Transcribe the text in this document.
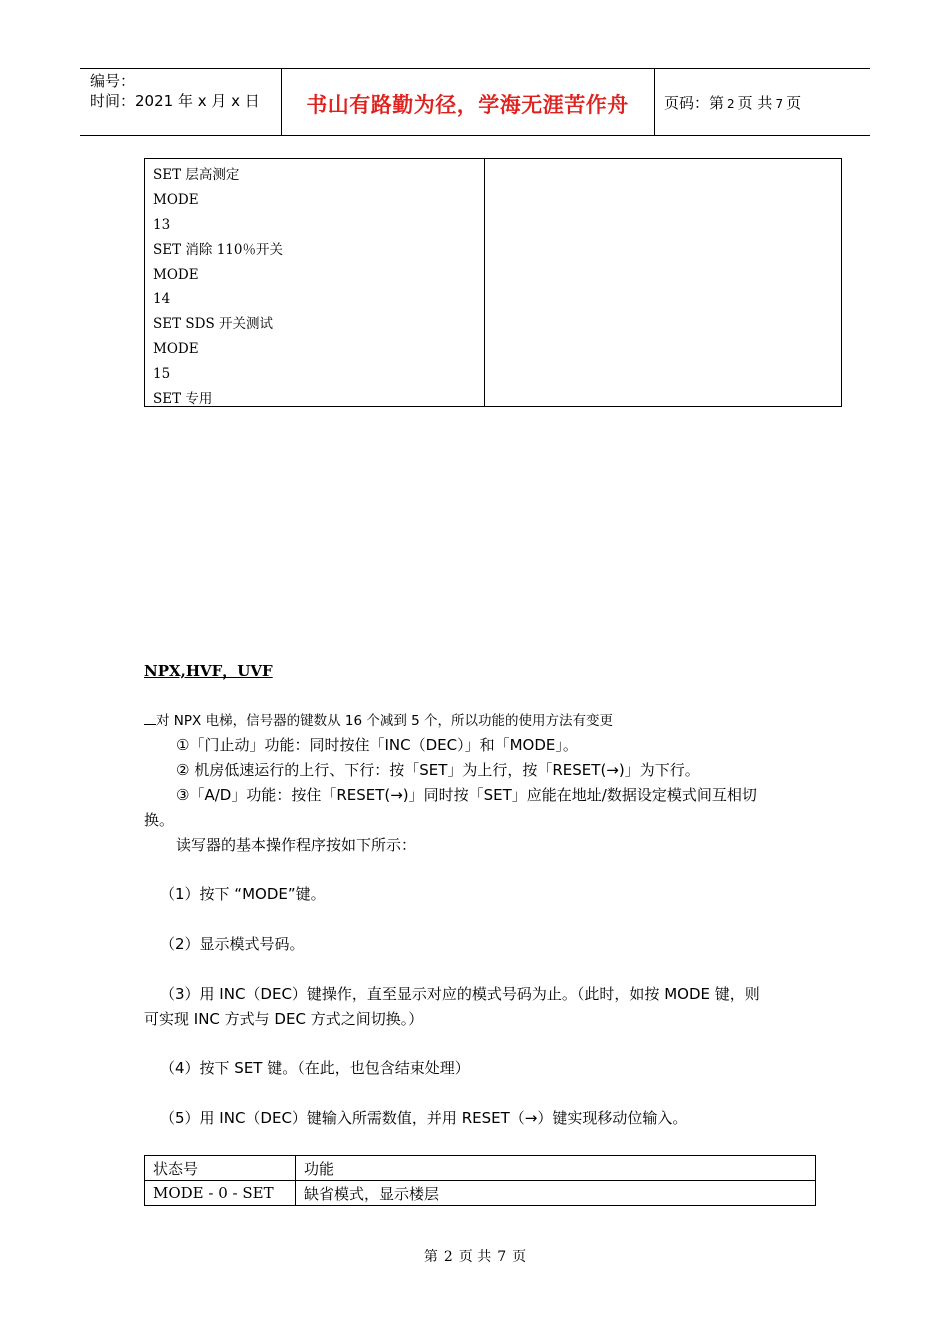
编号：
时间：2021 年 x 月 x 日	书山有路勤为径，学海无涯苦作舟	页码：第 2 页 共 7 页
SET 层高测定
MODE
13
SET 消除 110％开关
MODE
14
SET SDS 开关测试
MODE
15
SET 专用
NPX,HVF，UVF
对 NPX 电梯，信号器的键数从 16 个减到 5 个，所以功能的使用方法有变更
①「门止动」功能：同时按住「INC（DEC）」和「MODE」。
② 机房低速运行的上行、下行：按「SET」为上行，按「RESET(→)」为下行。
③「A/D」功能：按住「RESET(→)」同时按「SET」应能在地址/数据设定模式间互相切
换。
读写器的基本操作程序按如下所示：
（1）按下 “MODE”键。
（2）显示模式号码。
（3）用 INC（DEC）键操作，直至显示对应的模式号码为止。（此时，如按 MODE 键，则
可实现 INC 方式与 DEC 方式之间切换。）
（4）按下 SET 键。（在此，也包含结束处理）
（5）用 INC（DEC）键输入所需数值，并用 RESET（→）键实现移动位输入。
状态号	功能
MODE - 0 - SET	缺省模式，显示楼层
第 2 页 共 7 页
